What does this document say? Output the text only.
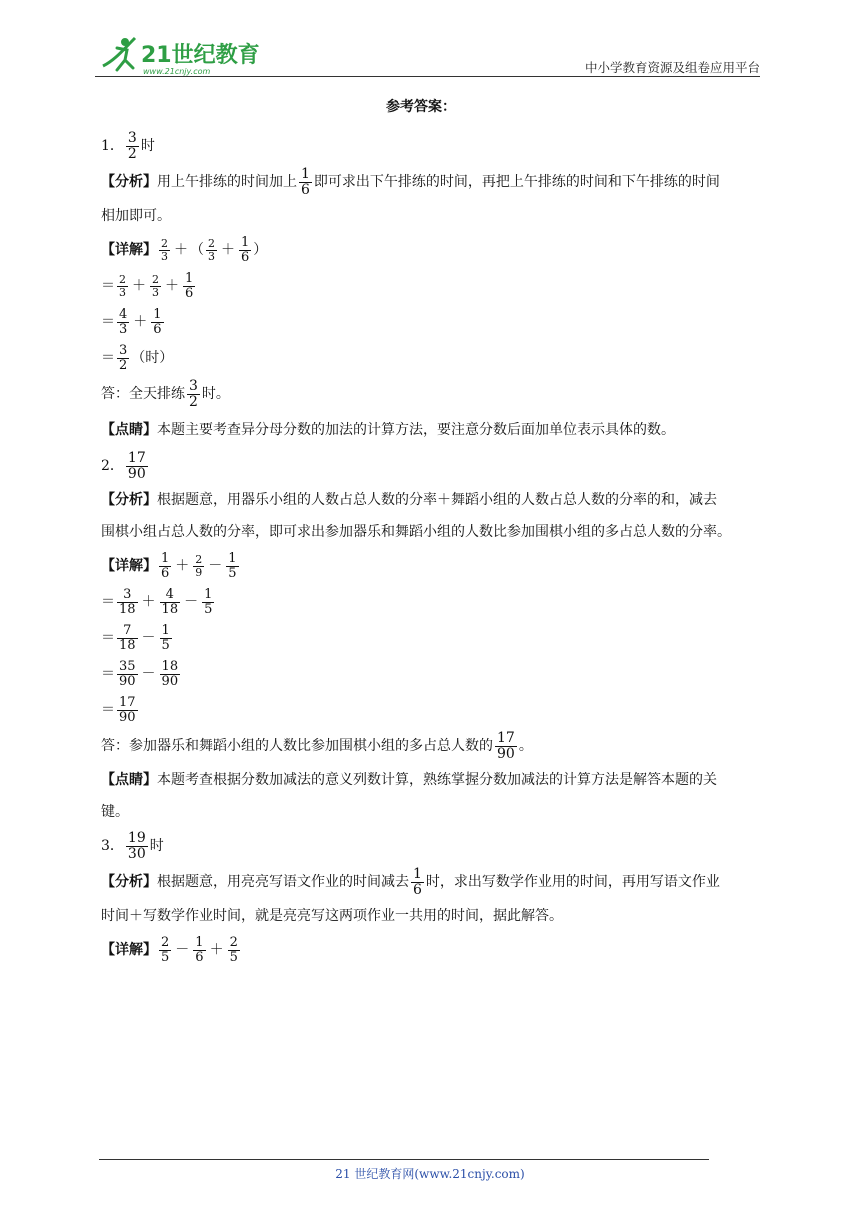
21世纪教育
www.21cnjy.com	中小学教育资源及组卷应用平台
参考答案：
1． $\frac{3}{2}$ 时
【分析】 用上午排练的时间加上 $\frac{1}{6}$ 即可求出下午排练的时间，再把上午排练的时间和下午排练的时间
相加即可。
【详解】 $\frac{2}{3}$ ＋ （ $\frac{2}{3} + \frac{1}{6}$ ）
＝ $\frac{2}{3} + \frac{2}{3} + \frac{1}{6}$
＝ $\frac{4}{3} + \frac{1}{6}$
＝ $\frac{3}{2}$ （时）
答：全天排练 $\frac{3}{2}$ 时。
【点睛】 本题主要考查异分母分数的加法的计算方法，要注意分数后面加单位表示具体的数。
2． $\frac{17}{90}$
【分析】 根据题意，用器乐小组的人数占总人数的分率＋舞蹈小组的人数占总人数的分率的和，减去
围棋小组占总人数的分率，即可求出参加器乐和舞蹈小组的人数比参加围棋小组的多占总人数的分率。
【详解】 $\frac{1}{6} + \frac{2}{9} - \frac{1}{5}$
＝ $\frac{3}{18} + \frac{4}{18} - \frac{1}{5}$
＝ $\frac{7}{18} - \frac{1}{5}$
＝ $\frac{35}{90} - \frac{18}{90}$
＝ $\frac{17}{90}$
答：参加器乐和舞蹈小组的人数比参加围棋小组的多占总人数的 $\frac{17}{90}$ 。
【点睛】 本题考查根据分数加减法的意义列数计算，熟练掌握分数加减法的计算方法是解答本题的关
键。
3． $\frac{19}{30}$ 时
【分析】 根据题意，用亮亮写语文作业的时间减去 $\frac{1}{6}$ 时，求出写数学作业用的时间，再用写语文作业
时间＋写数学作业时间，就是亮亮写这两项作业一共用的时间，据此解答。
【详解】 $\frac{2}{5} - \frac{1}{6} + \frac{2}{5}$
21 世纪教育网(www.21cnjy.com)
